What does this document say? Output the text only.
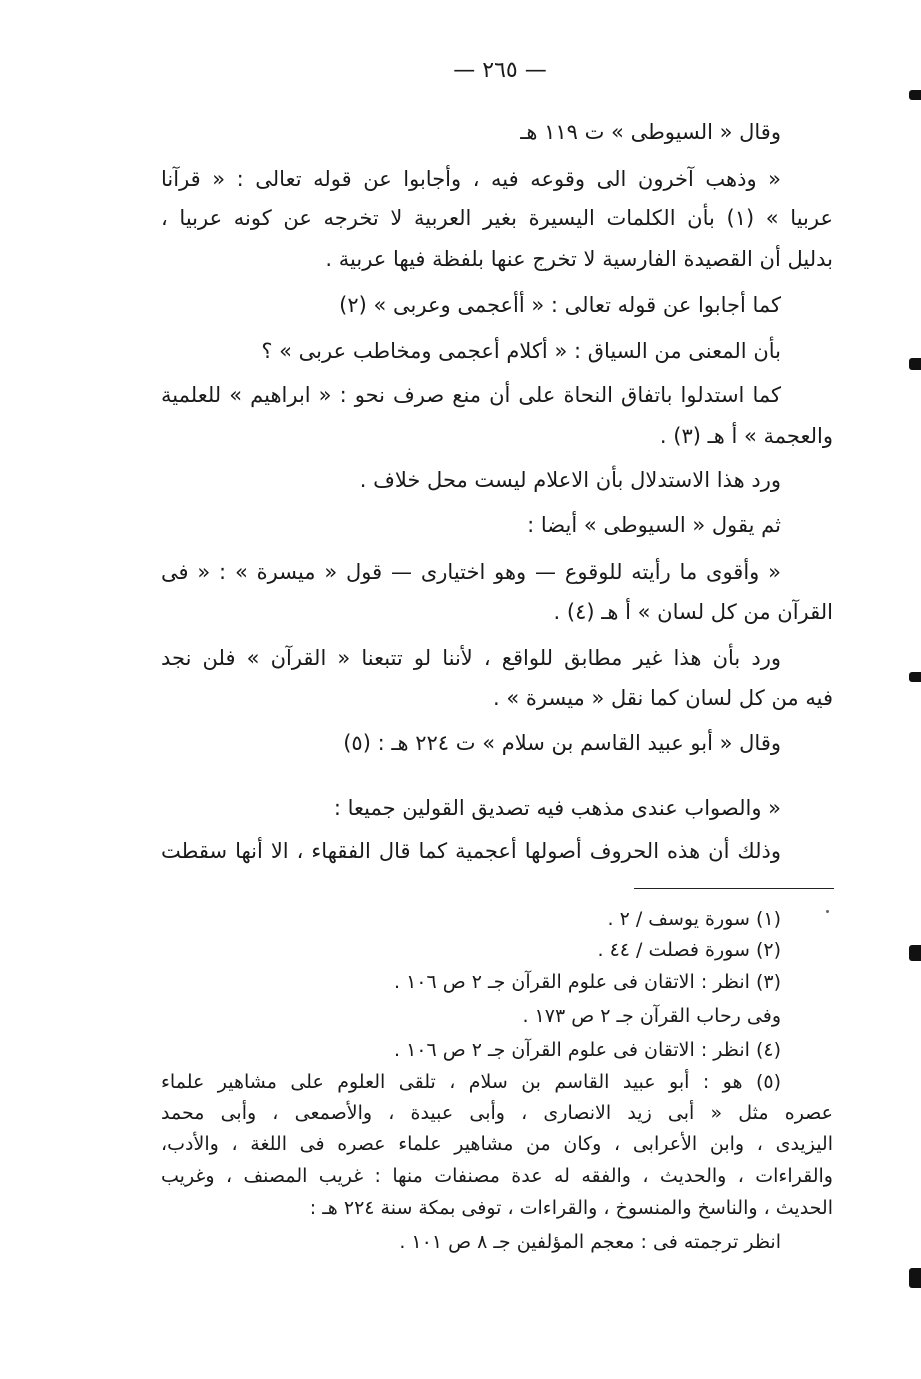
— ٢٦٥ —
وقال « السيوطى » ت ١١٩ هـ
« وذهب آخرون الى وقوعه فيه ، وأجابوا عن قوله تعالى : « قرآنا
عربيا » (١) بأن الكلمات اليسيرة بغير العربية لا تخرجه عن كونه عربيا ،
بدليل أن القصيدة الفارسية لا تخرج عنها بلفظة فيها عربية .
كما أجابوا عن قوله تعالى : « أأعجمى وعربى » (٢)
بأن المعنى من السياق : « أكلام أعجمى ومخاطب عربى » ؟
كما استدلوا باتفاق النحاة على أن منع صرف نحو : « ابراهيم » للعلمية
والعجمة » أ هـ (٣) .
ورد هذا الاستدلال بأن الاعلام ليست محل خلاف .
ثم يقول « السيوطى » أيضا :
« وأقوى ما رأيته للوقوع — وهو اختيارى — قول « ميسرة » : « فى
القرآن من كل لسان » أ هـ (٤) .
ورد بأن هذا غير مطابق للواقع ، لأننا لو تتبعنا « القرآن » فلن نجد
فيه من كل لسان كما نقل « ميسرة » .
وقال « أبو عبيد القاسم بن سلام » ت ٢٢٤ هـ : (٥)
« والصواب عندى مذهب فيه تصديق القولين جميعا :
وذلك أن هذه الحروف أصولها أعجمية كما قال الفقهاء ، الا أنها سقطت
(١) سورة يوسف / ٢ .
(٢) سورة فصلت / ٤٤ .
(٣) انظر : الاتقان فى علوم القرآن جـ ٢ ص ١٠٦ .
وفى رحاب القرآن جـ ٢ ص ١٧٣ .
(٤) انظر : الاتقان فى علوم القرآن جـ ٢ ص ١٠٦ .
(٥) هو : أبو عبيد القاسم بن سلام ، تلقى العلوم على مشاهير علماء
عصره مثل « أبى زيد الانصارى ، وأبى عبيدة ، والأصمعى ، وأبى محمد
اليزيدى ، وابن الأعرابى ، وكان من مشاهير علماء عصره فى اللغة ، والأدب،
والقراءات ، والحديث ، والفقه له عدة مصنفات منها : غريب المصنف ، وغريب
الحديث ، والناسخ والمنسوخ ، والقراءات ، توفى بمكة سنة ٢٢٤ هـ :
انظر ترجمته فى : معجم المؤلفين جـ ٨ ص ١٠١ .
